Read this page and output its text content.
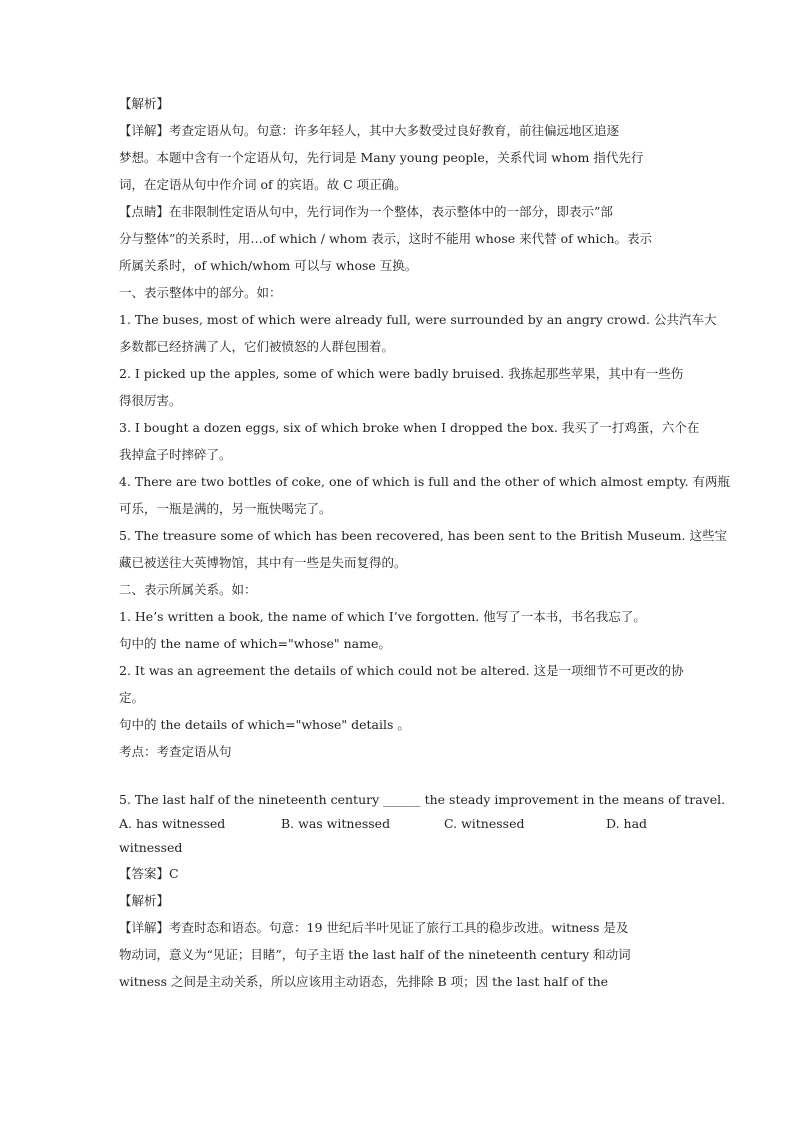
【解析】
【详解】考查定语从句。句意：许多年轻人，其中大多数受过良好教育，前往偏远地区追逐
梦想。本题中含有一个定语从句，先行词是 Many young people，关系代词 whom 指代先行
词，在定语从句中作介词 of 的宾语。故 C 项正确。
【点睛】在非限制性定语从句中，先行词作为一个整体，表示整体中的一部分，即表示”部
分与整体”的关系时，用…of which / whom 表示，这时不能用 whose 来代替 of which。表示
所属关系时，of which/whom 可以与 whose 互换。
一、表示整体中的部分。如：
1. The buses, most of which were already full, were surrounded by an angry crowd. 公共汽车大
多数都已经挤满了人，它们被愤怒的人群包围着。
2. I picked up the apples, some of which were badly bruised. 我拣起那些苹果，其中有一些伤
得很厉害。
3. I bought a dozen eggs, six of which broke when I dropped the box. 我买了一打鸡蛋，六个在
我掉盒子时摔碎了。
4. There are two bottles of coke, one of which is full and the other of which almost empty. 有两瓶
可乐，一瓶是满的，另一瓶快喝完了。
5. The treasure some of which has been recovered, has been sent to the British Museum. 这些宝
藏已被送往大英博物馆，其中有一些是失而复得的。
二、表示所属关系。如：
1. He’s written a book, the name of which I’ve forgotten. 他写了一本书，书名我忘了。
句中的 the name of which="whose" name。
2. It was an agreement the details of which could not be altered. 这是一项细节不可更改的协
定。
句中的 the details of which="whose" details 。
考点：考查定语从句
5. The last half of the nineteenth century ______ the steady improvement in the means of travel.
A. has witnessed	B. was witnessed	C. witnessed	D. had
witnessed
【答案】C
【解析】
【详解】考查时态和语态。句意：19 世纪后半叶见证了旅行工具的稳步改进。witness 是及
物动词，意义为“见证；目睹”，句子主语 the last half of the nineteenth century 和动词
witness 之间是主动关系，所以应该用主动语态，先排除 B 项；因 the last half of the
